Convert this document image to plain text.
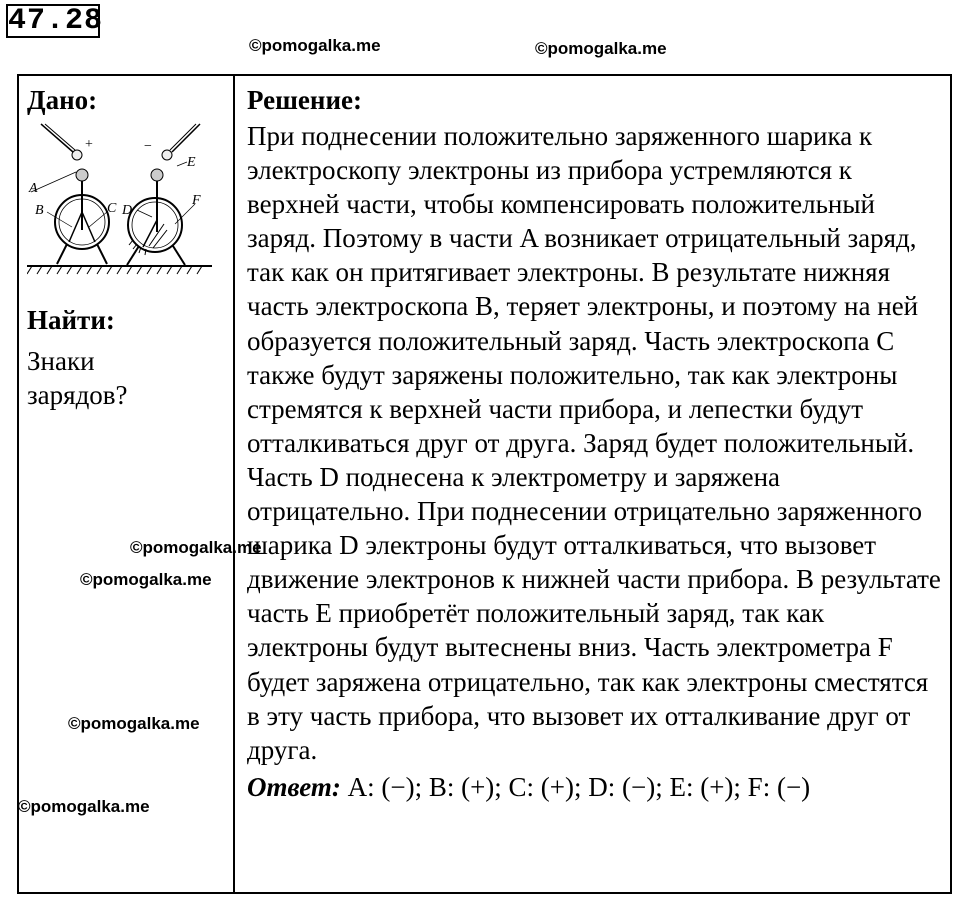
47.28
©pomogalka.me	©pomogalka.me
©pomogalka.me
©pomogalka.me
©pomogalka.me
©pomogalka.me
Дано:
+	−
A
B	C D
E
F
Найти:
Знаки зарядов?

Решение:
При поднесении положительно заряженного шарика к электроскопу электроны из прибора устремляются к верхней части, чтобы компенсировать положительный заряд. Поэтому в части A возникает отрицательный заряд, так как он притягивает электроны. В результате нижняя часть электроскопа B, теряет электроны, и поэтому на ней образуется положительный заряд. Часть электроскопа C также будут заряжены положительно, так как электроны стремятся к верхней части прибора, и лепестки будут отталкиваться друг от друга. Заряд будет положительный. Часть D поднесена к электрометру и заряжена отрицательно. При поднесении отрицательно заряженного шарика D электроны будут отталкиваться, что вызовет движение электронов к нижней части прибора. В результате часть E приобретёт положительный заряд, так как электроны будут вытеснены вниз. Часть электрометра F будет заряжена отрицательно, так как электроны сместятся в эту часть прибора, что вызовет их отталкивание друг от друга.
Ответ: A: (−); B: (+); C: (+); D: (−); E: (+); F: (−)
